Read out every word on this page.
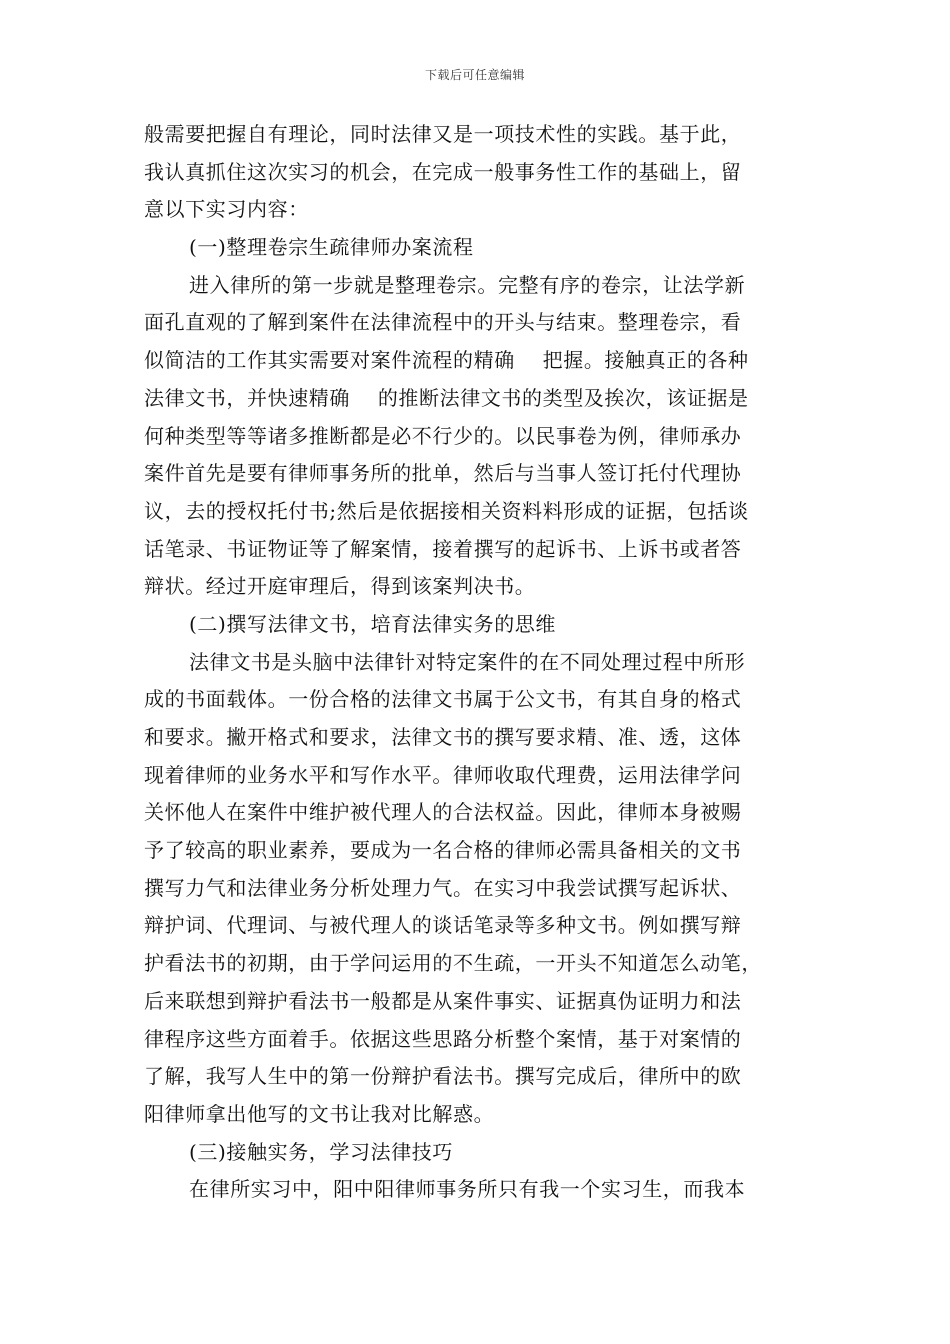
下载后可任意编辑
般需要把握自有理论，同时法律又是一项技术性的实践。基于此，
我认真抓住这次实习的机会，在完成一般事务性工作的基础上，留
意以下实习内容：
(一)整理卷宗生疏律师办案流程
进入律所的第一步就是整理卷宗。完整有序的卷宗，让法学新
面孔直观的了解到案件在法律流程中的开头与结束。整理卷宗，看
似简洁的工作其实需要对案件流程的精确    把握。接触真正的各种
法律文书，并快速精确    的推断法律文书的类型及挨次，该证据是
何种类型等等诸多推断都是必不行少的。以民事卷为例，律师承办
案件首先是要有律师事务所的批单，然后与当事人签订托付代理协
议，去的授权托付书;然后是依据接相关资料料形成的证据，包括谈
话笔录、书证物证等了解案情，接着撰写的起诉书、上诉书或者答
辩状。经过开庭审理后，得到该案判决书。
(二)撰写法律文书，培育法律实务的思维
法律文书是头脑中法律针对特定案件的在不同处理过程中所形
成的书面载体。一份合格的法律文书属于公文书，有其自身的格式
和要求。撇开格式和要求，法律文书的撰写要求精、准、透，这体
现着律师的业务水平和写作水平。律师收取代理费，运用法律学问
关怀他人在案件中维护被代理人的合法权益。因此，律师本身被赐
予了较高的职业素养，要成为一名合格的律师必需具备相关的文书
撰写力气和法律业务分析处理力气。在实习中我尝试撰写起诉状、
辩护词、代理词、与被代理人的谈话笔录等多种文书。例如撰写辩
护看法书的初期，由于学问运用的不生疏，一开头不知道怎么动笔，
后来联想到辩护看法书一般都是从案件事实、证据真伪证明力和法
律程序这些方面着手。依据这些思路分析整个案情，基于对案情的
了解，我写人生中的第一份辩护看法书。撰写完成后，律所中的欧
阳律师拿出他写的文书让我对比解惑。
(三)接触实务，学习法律技巧
在律所实习中，阳中阳律师事务所只有我一个实习生，而我本
